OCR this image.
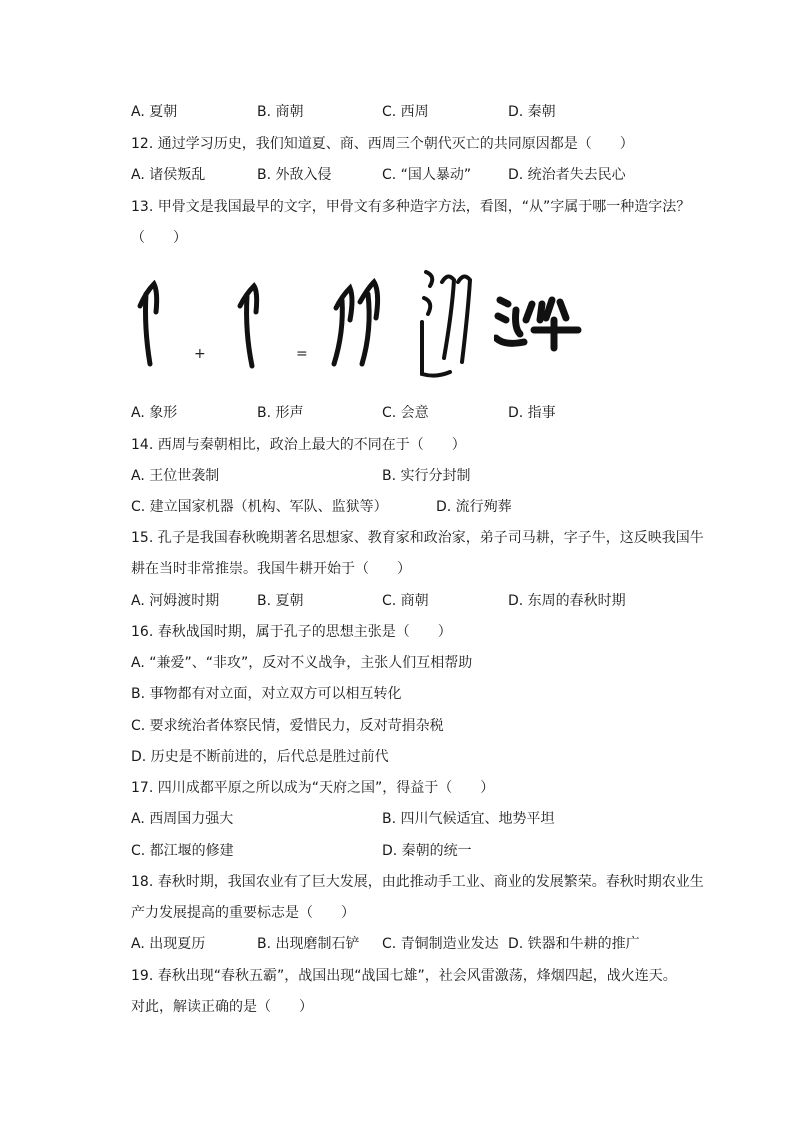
A. 夏朝	B. 商朝	C. 西周	D. 秦朝
12. 通过学习历史，我们知道夏、商、西周三个朝代灭亡的共同原因都是（　　）
A. 诸侯叛乱	B. 外敌入侵	C. “国人暴动”	D. 统治者失去民心
13. 甲骨文是我国最早的文字，甲骨文有多种造字方法，看图，“从”字属于哪一种造字法？
（　　）
+	=
A. 象形	B. 形声	C. 会意	D. 指事
14. 西周与秦朝相比，政治上最大的不同在于（　　）
A. 王位世袭制	B. 实行分封制
C. 建立国家机器（机构、军队、监狱等）	D. 流行殉葬
15. 孔子是我国春秋晚期著名思想家、教育家和政治家，弟子司马耕，字子牛，这反映我国牛
耕在当时非常推崇。我国牛耕开始于（　　）
A. 河姆渡时期	B. 夏朝	C. 商朝	D. 东周的春秋时期
16. 春秋战国时期，属于孔子的思想主张是（　　）
A. “兼爱”、“非攻”，反对不义战争，主张人们互相帮助
B. 事物都有对立面，对立双方可以相互转化
C. 要求统治者体察民情，爱惜民力，反对苛捐杂税
D. 历史是不断前进的，后代总是胜过前代
17. 四川成都平原之所以成为“天府之国”，得益于（　　）
A. 西周国力强大	B. 四川气候适宜、地势平坦
C. 都江堰的修建	D. 秦朝的统一
18. 春秋时期，我国农业有了巨大发展，由此推动手工业、商业的发展繁荣。春秋时期农业生
产力发展提高的重要标志是（　　）
A. 出现夏历	B. 出现磨制石铲 C. 青铜制造业发达 D. 铁器和牛耕的推广
19. 春秋出现“春秋五霸”，战国出现“战国七雄”，社会风雷激荡，烽烟四起，战火连天。
对此，解读正确的是（　　）
